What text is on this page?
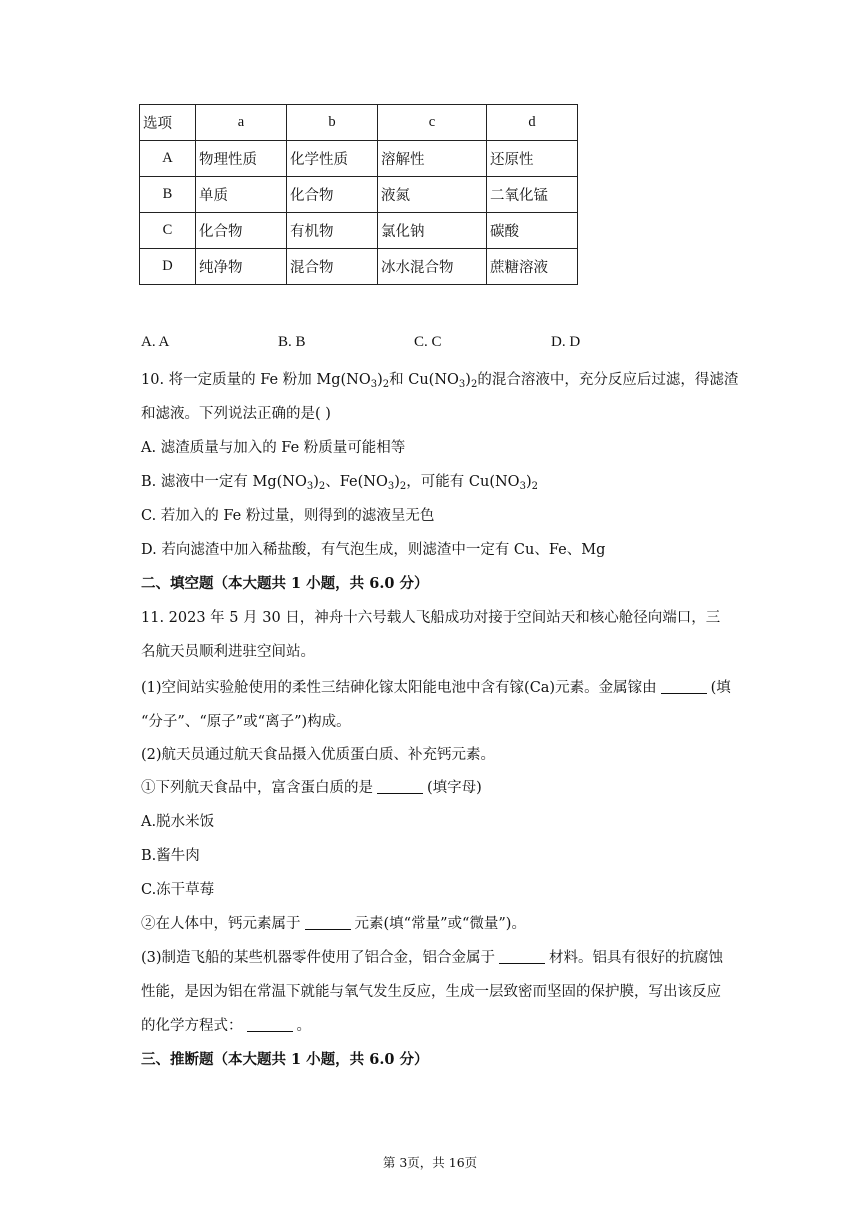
选项	a	b	c	d
A	物理性质	化学性质	溶解性	还原性
B	单质	化合物	液氮	二氧化锰
C	化合物	有机物	氯化钠	碳酸
D	纯净物	混合物	冰水混合物	蔗糖溶液
A. A	B. B	C. C	D. D
10. 将一定质量的 Fe 粉加 $Mg(NO_3)_2$和 $Cu(NO_3)_2$的混合溶液中，充分反应后过滤，得滤渣
和滤液。下列说法正确的是( )
A. 滤渣质量与加入的 Fe 粉质量可能相等
B. 滤液中一定有 $Mg(NO_3)_2$、$Fe(NO_3)_2$，可能有 $Cu(NO_3)_2$
C. 若加入的 Fe 粉过量，则得到的滤液呈无色
D. 若向滤渣中加入稀盐酸，有气泡生成，则滤渣中一定有 Cu、Fe、Mg
二、填空题（本大题共 1 小题，共 6.0 分）
11. 2023 年 5 月 30 日，神舟十六号载人飞船成功对接于空间站天和核心舱径向端口，三
名航天员顺利进驻空间站。
(1)空间站实验舱使用的柔性三结砷化镓太阳能电池中含有镓(Ca)元素。金属镓由	(填
“分子”、“原子”或“离子”)构成。
(2)航天员通过航天食品摄入优质蛋白质、补充钙元素。
①下列航天食品中，富含蛋白质的是	(填字母)
A.脱水米饭
B.酱牛肉
C.冻干草莓
②在人体中，钙元素属于	元素(填“常量”或“微量”)。
(3)制造飞船的某些机器零件使用了铝合金，铝合金属于	材料。铝具有很好的抗腐蚀
性能，是因为铝在常温下就能与氧气发生反应，生成一层致密而坚固的保护膜，写出该反应
的化学方程式：	。
三、推断题（本大题共 1 小题，共 6.0 分）
第 3页，共 16页
